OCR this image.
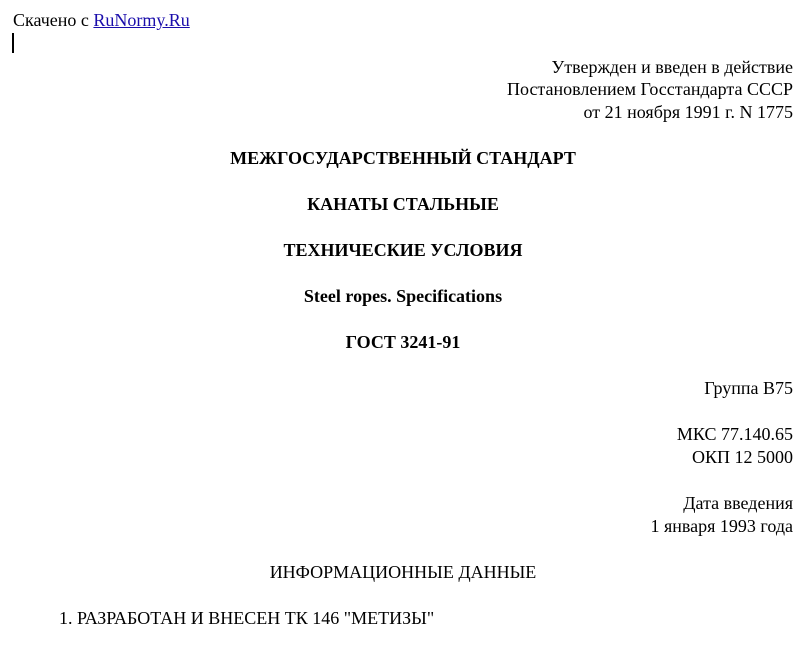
Скачено с RuNormy.Ru
Утвержден и введен в действие
Постановлением Госстандарта СССР
от 21 ноября 1991 г. N 1775
МЕЖГОСУДАРСТВЕННЫЙ СТАНДАРТ
КАНАТЫ СТАЛЬНЫЕ
ТЕХНИЧЕСКИЕ УСЛОВИЯ
Steel ropes. Specifications
ГОСТ 3241-91
Группа В75
МКС 77.140.65
ОКП 12 5000
Дата введения
1 января 1993 года
ИНФОРМАЦИОННЫЕ ДАННЫЕ
1. РАЗРАБОТАН И ВНЕСЕН ТК 146 "МЕТИЗЫ"
